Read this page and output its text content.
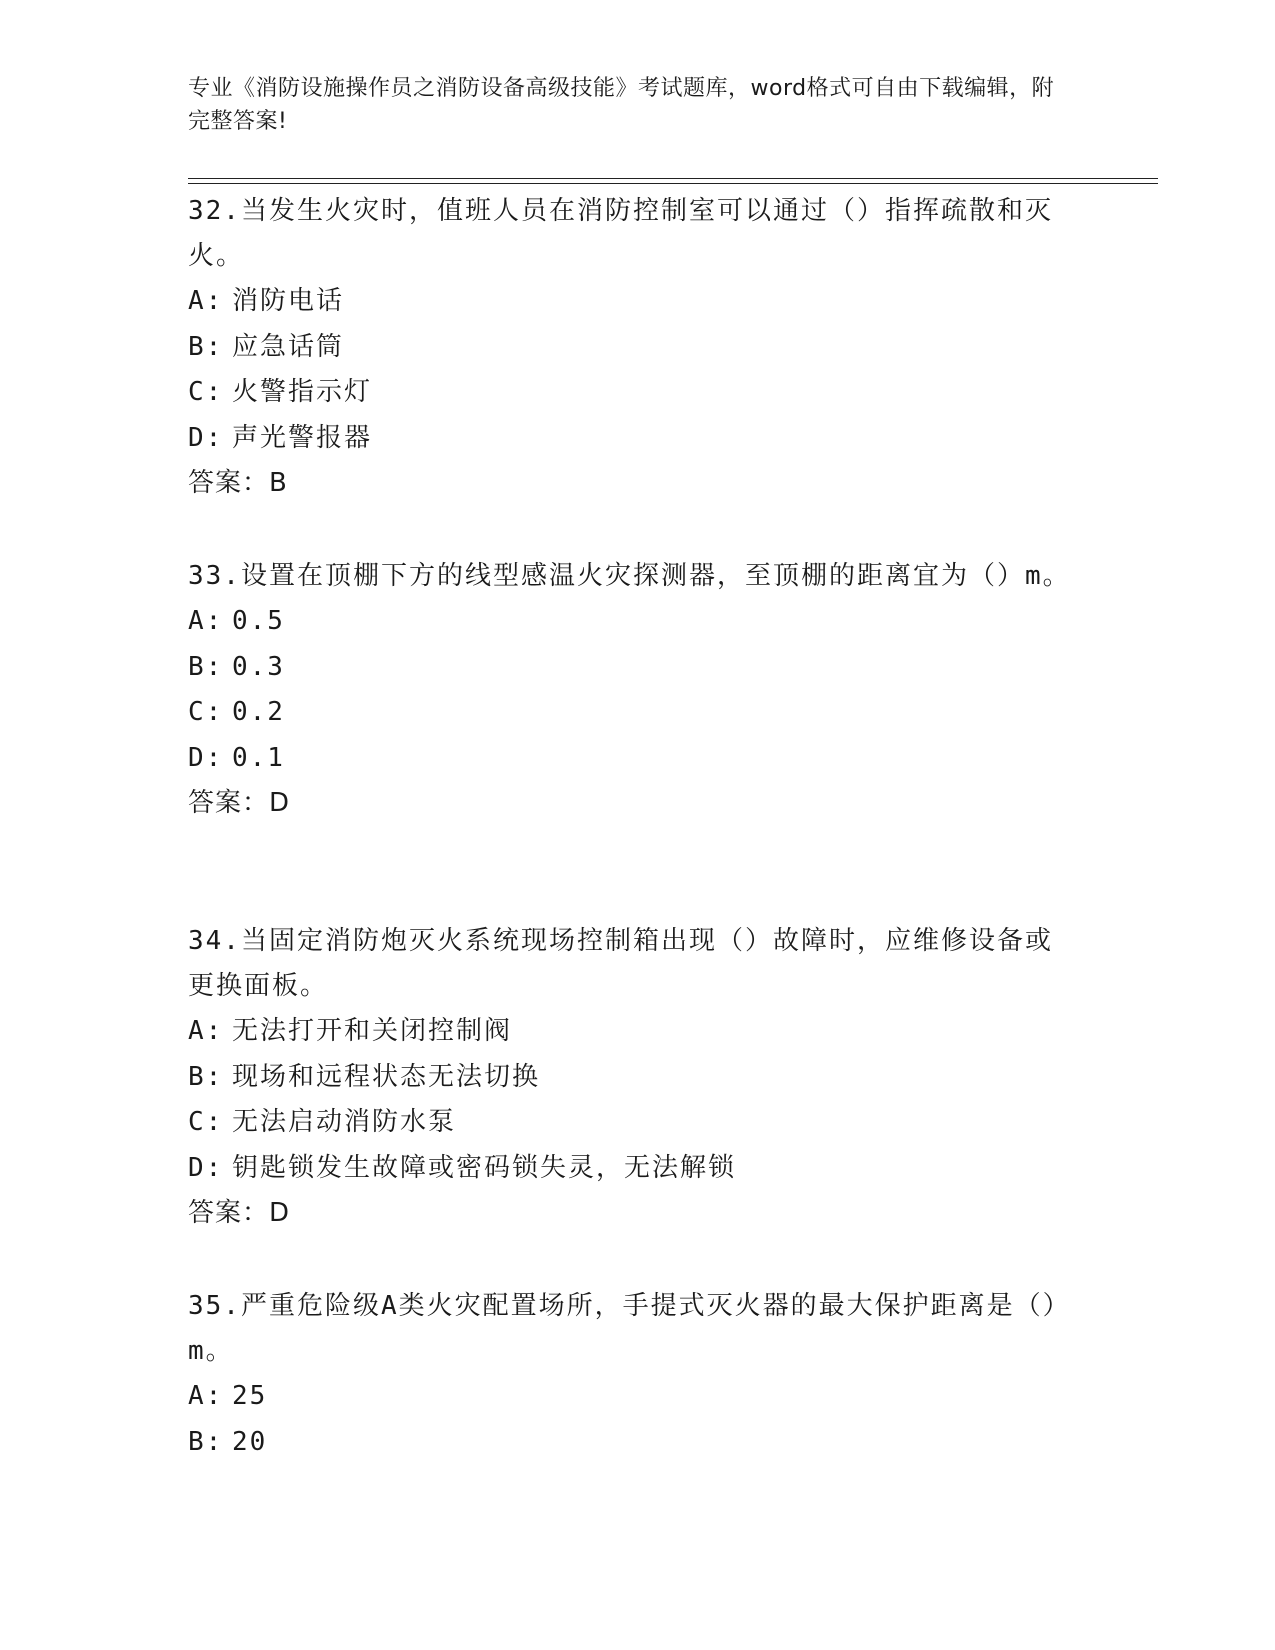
专业《消防设施操作员之消防设备高级技能》考试题库，word格式可自由下载编辑，附完整答案!
32.当发生火灾时，值班人员在消防控制室可以通过（）指挥疏散和灭火。
A: 消防电话
B: 应急话筒
C: 火警指示灯
D: 声光警报器
答案：B
33.设置在顶棚下方的线型感温火灾探测器，至顶棚的距离宜为（）m。
A: 0.5
B: 0.3
C: 0.2
D: 0.1
答案：D
34.当固定消防炮灭火系统现场控制箱出现（）故障时，应维修设备或更换面板。
A: 无法打开和关闭控制阀
B: 现场和远程状态无法切换
C: 无法启动消防水泵
D: 钥匙锁发生故障或密码锁失灵，无法解锁
答案：D
35.严重危险级A类火灾配置场所，手提式灭火器的最大保护距离是（）m。
A: 25
B: 20
